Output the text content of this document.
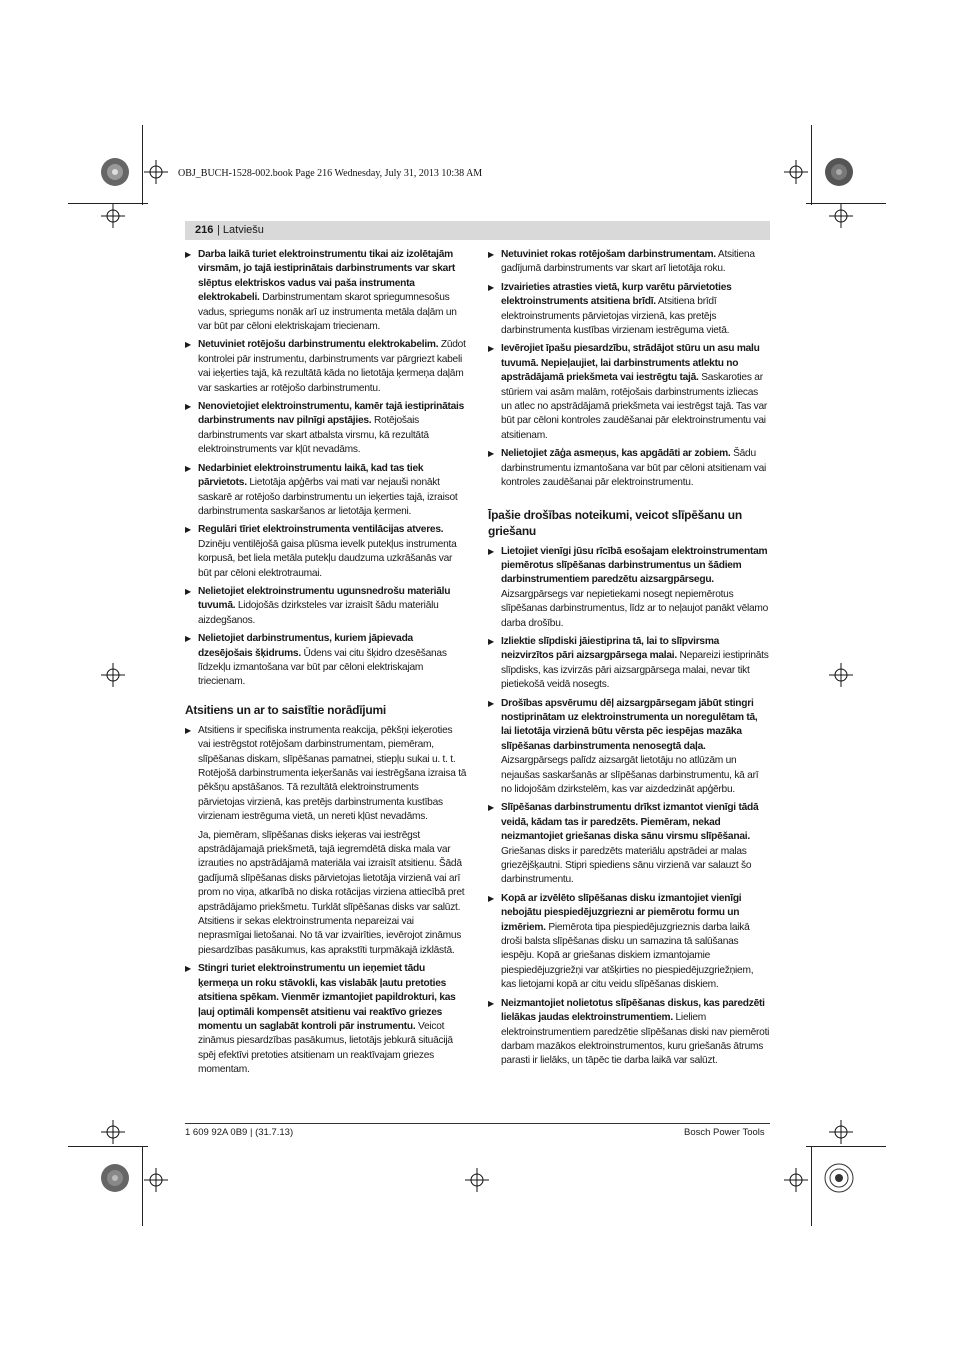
OBJ_BUCH-1528-002.book Page 216 Wednesday, July 31, 2013 10:38 AM
216 | Latviešu
▶ Darba laikā turiet elektroinstrumentu tikai aiz izolētajām virsmām, jo tajā iestiprinātais darbinstruments var skart slēptus elektriskos vadus vai paša instrumenta elektrokabeli. Darbinstrumentam skarot spriegumnesošus vadus, spriegums nonāk arī uz instrumenta metāla daļām un var būt par cēloni elektriskajam triecienam.
▶ Netuviniet rotējošu darbinstrumentu elektrokabelim. Zūdot kontrolei pār instrumentu, darbinstruments var pārgriezt kabeli vai ieķerties tajā, kā rezultātā kāda no lietotāja ķermeņa daļām var saskarties ar rotējošo darbinstrumentu.
▶ Nenovietojiet elektroinstrumentu, kamēr tajā iestiprinātais darbinstruments nav pilnīgi apstājies. Rotējošais darbinstruments var skart atbalsta virsmu, kā rezultātā elektroinstruments var kļūt nevadāms.
▶ Nedarbiniet elektroinstrumentu laikā, kad tas tiek pārvietots. Lietotāja apģērbs vai mati var nejauši nonākt saskarē ar rotējošo darbinstrumentu un ieķerties tajā, izraisot darbinstrumenta saskaršanos ar lietotāja ķermeni.
▶ Regulāri tīriet elektroinstrumenta ventilācijas atveres. Dzinēju ventilējošā gaisa plūsma ievelk putekļus instrumenta korpusā, bet liela metāla putekļu daudzuma uzkrāšanās var būt par cēloni elektrotraumai.
▶ Nelietojiet elektroinstrumentu ugunsnedrošu materiālu tuvumā. Lidojošās dzirksteles var izraisīt šādu materiālu aizdegšanos.
▶ Nelietojiet darbinstrumentus, kuriem jāpievada dzesējošais šķidrums. Ūdens vai citu šķidro dzesēšanas līdzekļu izmantošana var būt par cēloni elektriskajam triecienam.
Atsitiens un ar to saistītie norādījumi
▶ Atsitiens ir specifiska instrumenta reakcija, pēkšņi ieķeroties vai iestrēgstot rotējošam darbinstrumentam, piemēram, slīpēšanas diskam, slīpēšanas pamatnei, stiepļu sukai u. t. t. Rotējošā darbinstrumenta ieķeršanās vai iestrēgšana izraisa tā pēkšņu apstāšanos. Tā rezultātā elektroinstruments pārvietojas virzienā, kas pretējs darbinstrumenta kustības virzienam iestrēguma vietā, un nereti kļūst nevadāms.

Ja, piemēram, slīpēšanas disks ieķeras vai iestrēgst apstrādājamajā priekšmetā, tajā iegremdētā diska mala var izrauties no apstrādājamā materiāla vai izraisīt atsitienu. Šādā gadījumā slīpēšanas disks pārvietojas lietotāja virzienā vai arī prom no viņa, atkarībā no diska rotācijas virziena attiecībā pret apstrādājamo priekšmetu. Turklāt slīpēšanas disks var salūzt.

Atsitiens ir sekas elektroinstrumenta nepareizai vai neprasmīgai lietošanai. No tā var izvairīties, ievērojot zināmus piesardzības pasākumus, kas aprakstīti turpmākajā izklāstā.

▶ Stingri turiet elektroinstrumentu un ieņemiet tādu ķermeņa un roku stāvokli, kas vislabāk ļautu pretoties atsitiena spēkam. Vienmēr izmantojiet papildrokturi, kas ļauj optimāli kompensēt atsitienu vai reaktīvo griezes momentu un saglabāt kontroli pār instrumentu. Veicot zināmus piesardzības pasākumus, lietotājs jebkurā situācijā spēj efektīvi pretoties atsitienam un reaktīvajam griezes momentam.
▶ Netuviniet rokas rotējošam darbinstrumentam. Atsitiena gadījumā darbinstruments var skart arī lietotāja roku.
▶ Izvairieties atrasties vietā, kurp varētu pārvietoties elektroinstruments atsitiena brīdī. Atsitiena brīdī elektroinstruments pārvietojas virzienā, kas pretējs darbinstrumenta kustības virzienam iestrēguma vietā.
▶ Ievērojiet īpašu piesardzību, strādājot stūru un asu malu tuvumā. Nepieļaujiet, lai darbinstruments atlektu no apstrādājamā priekšmeta vai iestrēgtu tajā. Saskaroties ar stūriem vai asām malām, rotējošais darbinstruments izliecas un atlec no apstrādājamā priekšmeta vai iestrēgst tajā. Tas var būt par cēloni kontroles zaudēšanai pār elektroinstrumentu vai atsitienam.
▶ Nelietojiet zāģa asmeņus, kas apgādāti ar zobiem. Šādu darbinstrumentu izmantošana var būt par cēloni atsitienam vai kontroles zaudēšanai pār elektroinstrumentu.
Īpašie drošības noteikumi, veicot slīpēšanu un griešanu
▶ Lietojiet vienīgi jūsu rīcībā esošajam elektroinstrumentam piemērotus slīpēšanas darbinstrumentus un šādiem darbinstrumentiem paredzētu aizsargpārsegu. Aizsargpārsegs var nepietiekami nosegt nepiemērotus slīpēšanas darbinstrumentus, līdz ar to neļaujot panākt vēlamo darba drošību.
▶ Izliektie slīpdiski jāiestiprina tā, lai to slīpvirsma neizvirzītos pāri aizsargpārsega malai. Nepareizi iestiprināts slīpdisks, kas izvirzās pāri aizsargpārsega malai, nevar tikt pietiekošā veidā nosegts.
▶ Drošības apsvērumu dēļ aizsargpārsegam jābūt stingri nostiprinātam uz elektroinstrumenta un noregulētam tā, lai lietotāja virzienā būtu vērsta pēc iespējas mazāka slīpēšanas darbinstrumenta nenosegtā daļa. Aizsargpārsegs palīdz aizsargāt lietotāju no atlūzām un nejaušas saskaršanās ar slīpēšanas darbinstrumentu, kā arī no lidojošām dzirkstelēm, kas var aizdedzināt apģērbu.
▶ Slīpēšanas darbinstrumentu drīkst izmantot vienīgi tādā veidā, kādam tas ir paredzēts. Piemēram, nekad neizmantojiet griešanas diska sānu virsmu slīpēšanai. Griešanas disks ir paredzēts materiālu apstrādei ar malas griezējšķautni. Stipri spiediens sānu virzienā var salauzt šo darbinstrumentu.
▶ Kopā ar izvēlēto slīpēšanas disku izmantojiet vienīgi nebojātu piespiedējuzgriezni ar piemērotu formu un izmēriem. Piemērota tipa piespiedējuzgrieznis darba laikā droši balsta slīpēšanas disku un samazina tā salūšanas iespēju. Kopā ar griešanas diskiem izmantojamie piespiedējuzgriežņi var atšķirties no piespiedējuzgriežņiem, kas lietojami kopā ar citu veidu slīpēšanas diskiem.
▶ Neizmantojiet nolietotus slīpēšanas diskus, kas paredzēti lielākas jaudas elektroinstrumentiem. Lieliem elektroinstrumentiem paredzētie slīpēšanas diski nav piemēroti darbam mazākos elektroinstrumentos, kuru griešanās ātrums parasti ir lielāks, un tāpēc tie darba laikā var salūzt.
1 609 92A 0B9 | (31.7.13)	Bosch Power Tools
